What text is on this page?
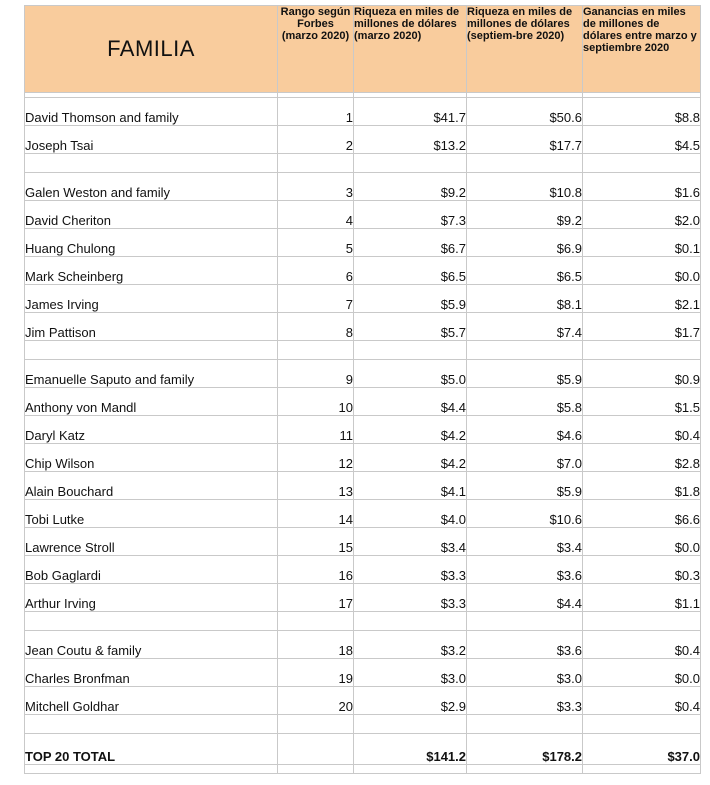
FAMILIA	Rango según Forbes (marzo 2020)	Riqueza en miles de millones de dólares (marzo 2020)	Riqueza en miles de millones de dólares (septiem-bre 2020)	Ganancias en miles de millones de dólares entre marzo y septiembre 2020

David Thomson and family	1	$41.7	$50.6	$8.8
Joseph Tsai	2	$13.2	$17.7	$4.5

Galen Weston and family	3	$9.2	$10.8	$1.6
David Cheriton	4	$7.3	$9.2	$2.0
Huang Chulong	5	$6.7	$6.9	$0.1
Mark Scheinberg	6	$6.5	$6.5	$0.0
James Irving	7	$5.9	$8.1	$2.1
Jim Pattison	8	$5.7	$7.4	$1.7

Emanuelle Saputo and family	9	$5.0	$5.9	$0.9
Anthony von Mandl	10	$4.4	$5.8	$1.5
Daryl Katz	11	$4.2	$4.6	$0.4
Chip Wilson	12	$4.2	$7.0	$2.8
Alain Bouchard	13	$4.1	$5.9	$1.8
Tobi Lutke	14	$4.0	$10.6	$6.6
Lawrence Stroll	15	$3.4	$3.4	$0.0
Bob Gaglardi	16	$3.3	$3.6	$0.3
Arthur Irving	17	$3.3	$4.4	$1.1

Jean Coutu & family	18	$3.2	$3.6	$0.4
Charles Bronfman	19	$3.0	$3.0	$0.0
Mitchell Goldhar	20	$2.9	$3.3	$0.4

TOP 20 TOTAL		$141.2	$178.2	$37.0
